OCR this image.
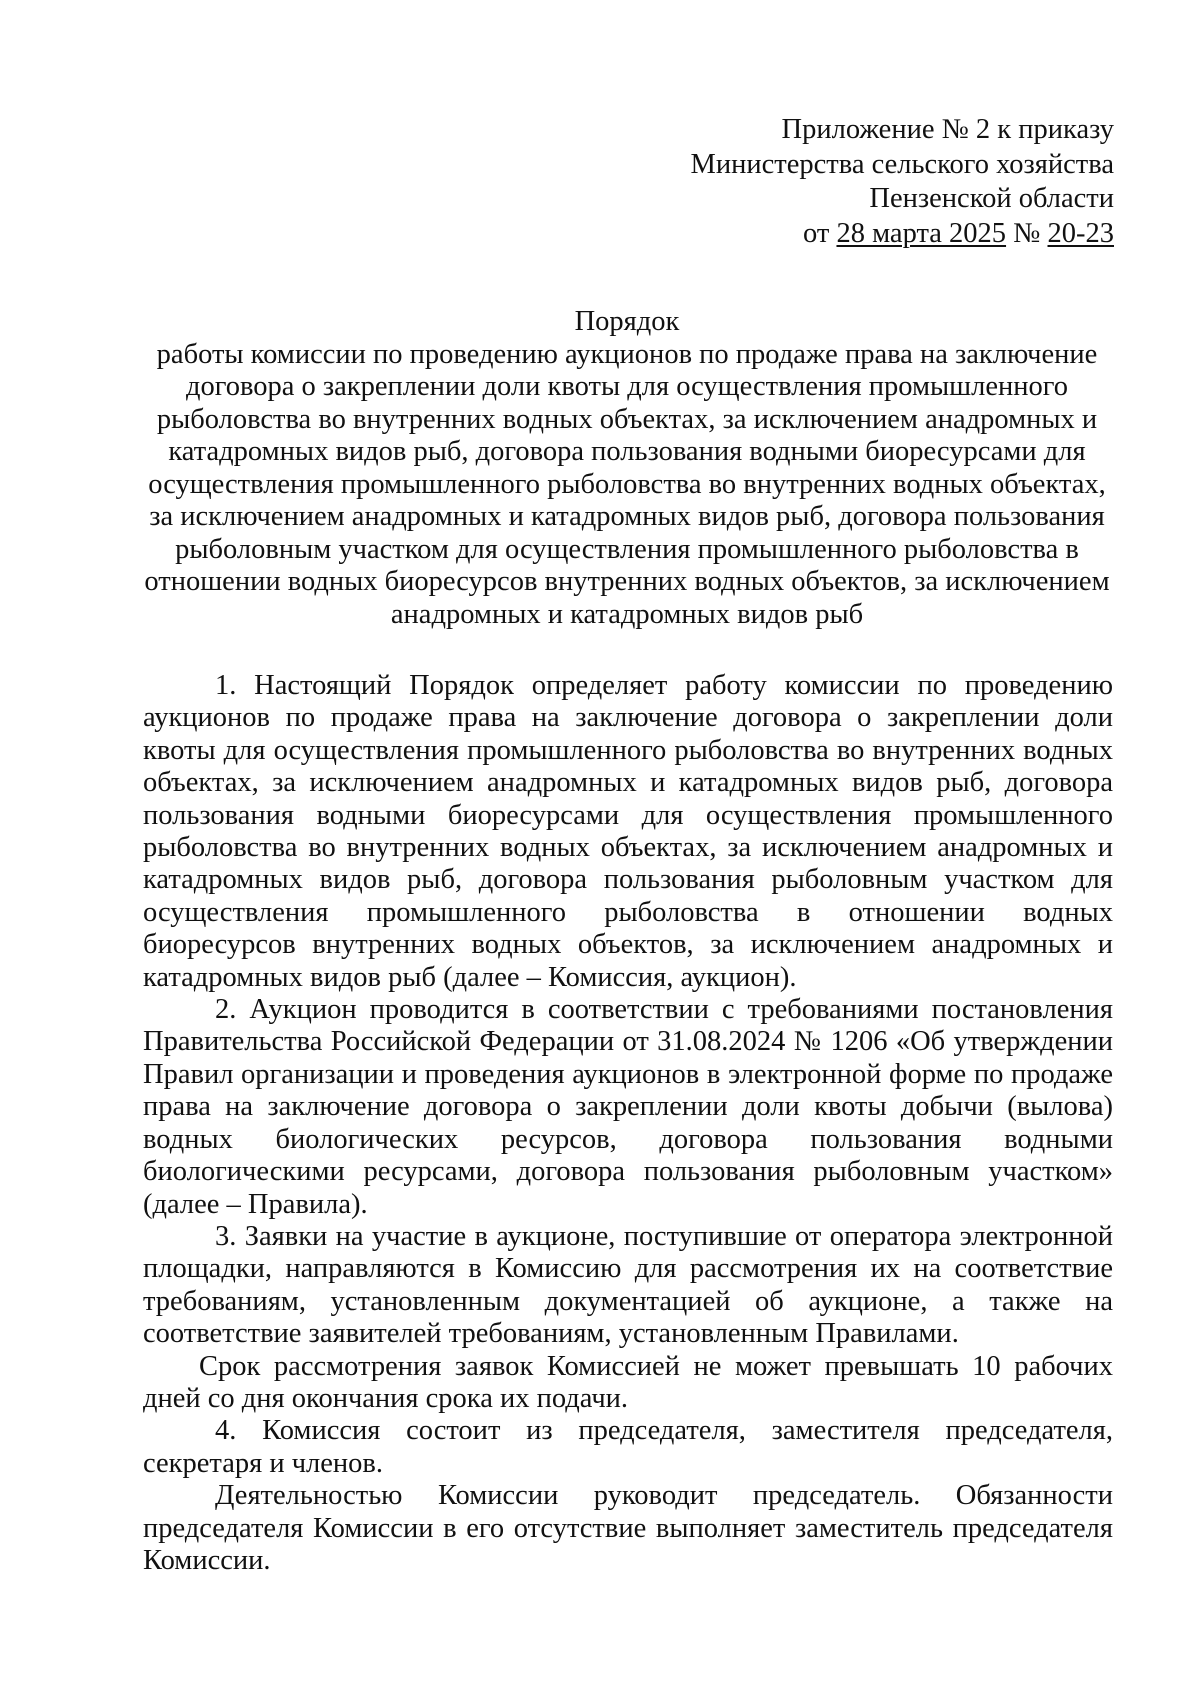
Приложение № 2 к приказу
Министерства сельского хозяйства
Пензенской области
от 28 марта 2025 № 20-23
Порядок
работы комиссии по проведению аукционов по продаже права на заключение договора о закреплении доли квоты для осуществления промышленного рыболовства во внутренних водных объектах, за исключением анадромных и катадромных видов рыб, договора пользования водными биоресурсами для осуществления промышленного рыболовства во внутренних водных объектах, за исключением анадромных и катадромных видов рыб, договора пользования рыболовным участком для осуществления промышленного рыболовства в отношении водных биоресурсов внутренних водных объектов, за исключением анадромных и катадромных видов рыб

1. Настоящий Порядок определяет работу комиссии по проведению аукционов по продаже права на заключение договора о закреплении доли квоты для осуществления промышленного рыболовства во внутренних водных объектах, за исключением анадромных и катадромных видов рыб, договора пользования водными биоресурсами для осуществления промышленного рыболовства во внутренних водных объектах, за исключением анадромных и катадромных видов рыб, договора пользования рыболовным участком для осуществления промышленного рыболовства в отношении водных биоресурсов внутренних водных объектов, за исключением анадромных и катадромных видов рыб (далее – Комиссия, аукцион).

2. Аукцион проводится в соответствии с требованиями постановления Правительства Российской Федерации от 31.08.2024 № 1206 «Об утверждении Правил организации и проведения аукционов в электронной форме по продаже права на заключение договора о закреплении доли квоты добычи (вылова) водных биологических ресурсов, договора пользования водными биологическими ресурсами, договора пользования рыболовным участком» (далее – Правила).

3. Заявки на участие в аукционе, поступившие от оператора электронной площадки, направляются в Комиссию для рассмотрения их на соответствие требованиям, установленным документацией об аукционе, а также на соответствие заявителей требованиям, установленным Правилами.

Срок рассмотрения заявок Комиссией не может превышать 10 рабочих дней со дня окончания срока их подачи.

4. Комиссия состоит из председателя, заместителя председателя, секретаря и членов.

Деятельностью Комиссии руководит председатель. Обязанности председателя Комиссии в его отсутствие выполняет заместитель председателя Комиссии.
